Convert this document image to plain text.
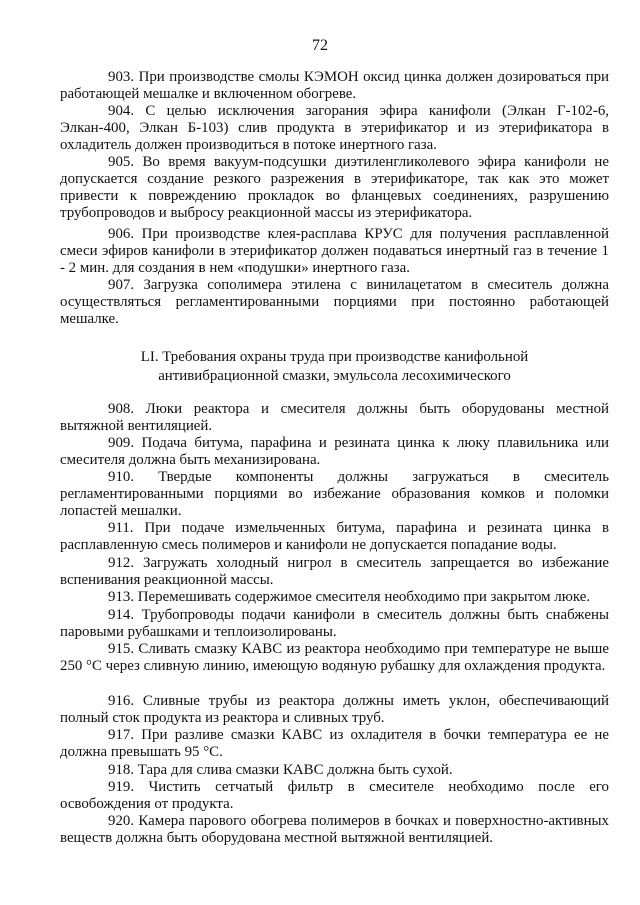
72
903. При производстве смолы КЭМОН оксид цинка должен дозироваться при работающей мешалке и включенном обогреве.
904. С целью исключения загорания эфира канифоли (Элкан Г-102-6, Элкан-400, Элкан Б-103) слив продукта в этерификатор и из этерификатора в охладитель должен производиться в потоке инертного газа.
905. Во время вакуум-подсушки диэтиленгликолевого эфира канифоли не допускается создание резкого разрежения в этерификаторе, так как это может привести к повреждению прокладок во фланцевых соединениях, разрушению трубопроводов и выбросу реакционной массы из этерификатора.
906. При производстве клея-расплава КРУС для получения расплавленной смеси эфиров канифоли в этерификатор должен подаваться инертный газ в течение 1 - 2 мин. для создания в нем «подушки» инертного газа.
907. Загрузка сополимера этилена с винилацетатом в смеситель должна осуществляться регламентированными порциями при постоянно работающей мешалке.
LI. Требования охраны труда при производстве канифольной
антивибрационной смазки, эмульсола лесохимического
908. Люки реактора и смесителя должны быть оборудованы местной вытяжной вентиляцией.
909. Подача битума, парафина и резината цинка к люку плавильника или смесителя должна быть механизирована.
910. Твердые компоненты должны загружаться в смеситель регламентированными порциями во избежание образования комков и поломки лопастей мешалки.
911. При подаче измельченных битума, парафина и резината цинка в расплавленную смесь полимеров и канифоли не допускается попадание воды.
912. Загружать холодный нигрол в смеситель запрещается во избежание вспенивания реакционной массы.
913. Перемешивать содержимое смесителя необходимо при закрытом люке.
914. Трубопроводы подачи канифоли в смеситель должны быть снабжены паровыми рубашками и теплоизолированы.
915. Сливать смазку КАВС из реактора необходимо при температуре не выше 250 °С через сливную линию, имеющую водяную рубашку для охлаждения продукта.
916. Сливные трубы из реактора должны иметь уклон, обеспечивающий полный сток продукта из реактора и сливных труб.
917. При разливе смазки КАВС из охладителя в бочки температура ее не должна превышать 95 °С.
918. Тара для слива смазки КАВС должна быть сухой.
919. Чистить сетчатый фильтр в смесителе необходимо после его освобождения от продукта.
920. Камера парового обогрева полимеров в бочках и поверхностно-активных веществ должна быть оборудована местной вытяжной вентиляцией.
